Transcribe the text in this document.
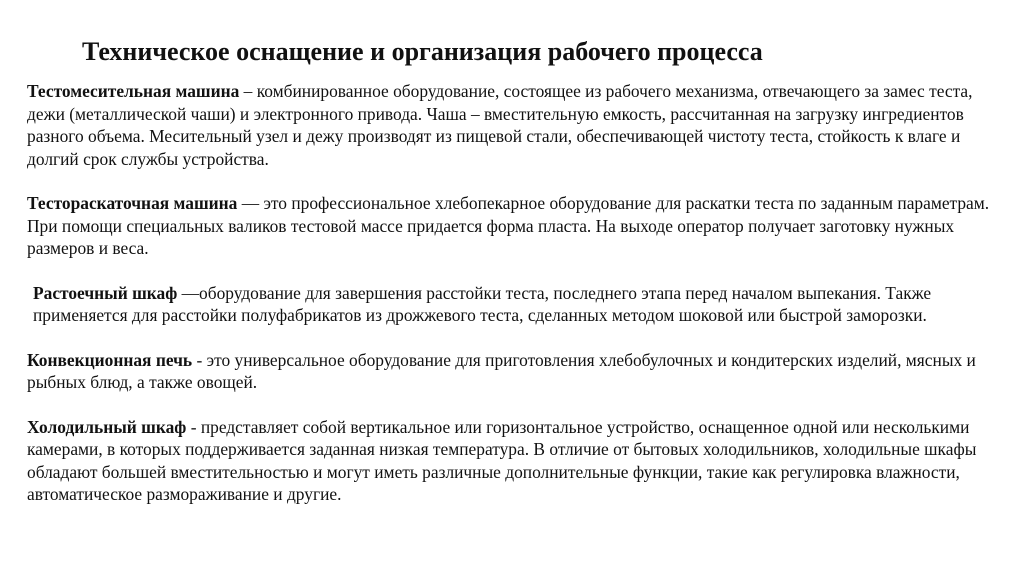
Техническое оснащение и организация рабочего процесса

Тестомесительная машина – комбинированное оборудование, состоящее из рабочего механизма, отвечающего за замес теста, дежи (металлической чаши) и электронного привода. Чаша – вместительную емкость, рассчитанная на загрузку ингредиентов разного объема. Месительный узел и дежу производят из пищевой стали, обеспечивающей чистоту теста, стойкость к влаге и долгий срок службы устройства.

Тестораскаточная машина — это профессиональное хлебопекарное оборудование для раскатки теста по заданным параметрам. При помощи специальных валиков тестовой массе придается форма пласта. На выходе оператор получает заготовку нужных размеров и веса.

Растоечный шкаф —оборудование для завершения расстойки теста, последнего этапа перед началом выпекания. Также применяется для расстойки полуфабрикатов из дрожжевого теста, сделанных методом шоковой или быстрой заморозки.

Конвекционная печь - это универсальное оборудование для приготовления хлебобулочных и кондитерских изделий, мясных и рыбных блюд, а также овощей.

Холодильный шкаф - представляет собой вертикальное или горизонтальное устройство, оснащенное одной или несколькими камерами, в которых поддерживается заданная низкая температура. В отличие от бытовых холодильников, холодильные шкафы обладают большей вместительностью и могут иметь различные дополнительные функции, такие как регулировка влажности, автоматическое размораживание и другие.
